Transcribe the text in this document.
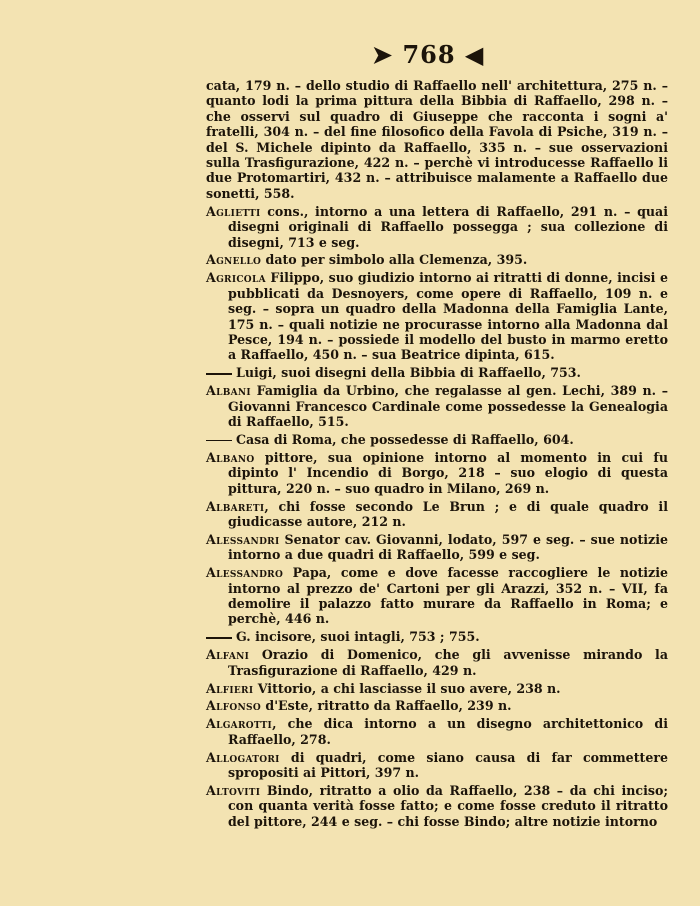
➤ 768 ◀

cata, 179 n. – dello studio di Raffaello nell' architettura, 275 n. – quanto lodi la prima pittura della Bibbia di Raffaello, 298 n. – che osservi sul quadro di Giuseppe che racconta i sogni a' fratelli, 304 n. – del fine filosofico della Favola di Psiche, 319 n. – del S. Michele dipinto da Raffaello, 335 n. – sue osservazioni sulla Trasfigurazione, 422 n. – perchè vi introducesse Raffaello li due Protomartiri, 432 n. – attribuisce malamente a Raffaello due sonetti, 558.

Aglietti cons., intorno a una lettera di Raffaello, 291 n. – quai disegni originali di Raffaello possegga ; sua collezione di disegni, 713 e seg.

Agnello dato per simbolo alla Clemenza, 395.

Agricola Filippo, suo giudizio intorno ai ritratti di donne, incisi e pubblicati da Desnoyers, come opere di Raffaello, 109 n. e seg. – sopra un quadro della Madonna della Famiglia Lante, 175 n. – quali notizie ne procurasse intorno alla Madonna dal Pesce, 194 n. – possiede il modello del busto in marmo eretto a Raffaello, 450 n. – sua Beatrice dipinta, 615.

Luigi, suoi disegni della Bibbia di Raffaello, 753.

Albani Famiglia da Urbino, che regalasse al gen. Lechi, 389 n. – Giovanni Francesco Cardinale come possedesse la Genealogia di Raffaello, 515.

Casa di Roma, che possedesse di Raffaello, 604.

Albano pittore, sua opinione intorno al momento in cui fu dipinto l' Incendio di Borgo, 218 – suo elogio di questa pittura, 220 n. – suo quadro in Milano, 269 n.

Albareti, chi fosse secondo Le Brun ; e di quale quadro il giudicasse autore, 212 n.

Alessandri Senator cav. Giovanni, lodato, 597 e seg. – sue notizie intorno a due quadri di Raffaello, 599 e seg.

Alessandro Papa, come e dove facesse raccogliere le notizie intorno al prezzo de' Cartoni per gli Arazzi, 352 n. – VII, fa demolire il palazzo fatto murare da Raffaello in Roma; e perchè, 446 n.

G. incisore, suoi intagli, 753 ; 755.

Alfani Orazio di Domenico, che gli avvenisse mirando la Trasfigurazione di Raffaello, 429 n.

Alfieri Vittorio, a chi lasciasse il suo avere, 238 n.

Alfonso d'Este, ritratto da Raffaello, 239 n.

Algarotti, che dica intorno a un disegno architettonico di Raffaello, 278.

Allogatori di quadri, come siano causa di far commettere spropositi ai Pittori, 397 n.

Altoviti Bindo, ritratto a olio da Raffaello, 238 – da chi inciso; con quanta verità fosse fatto; e come fosse creduto il ritratto del pittore, 244 e seg. – chi fosse Bindo; altre notizie intorno
